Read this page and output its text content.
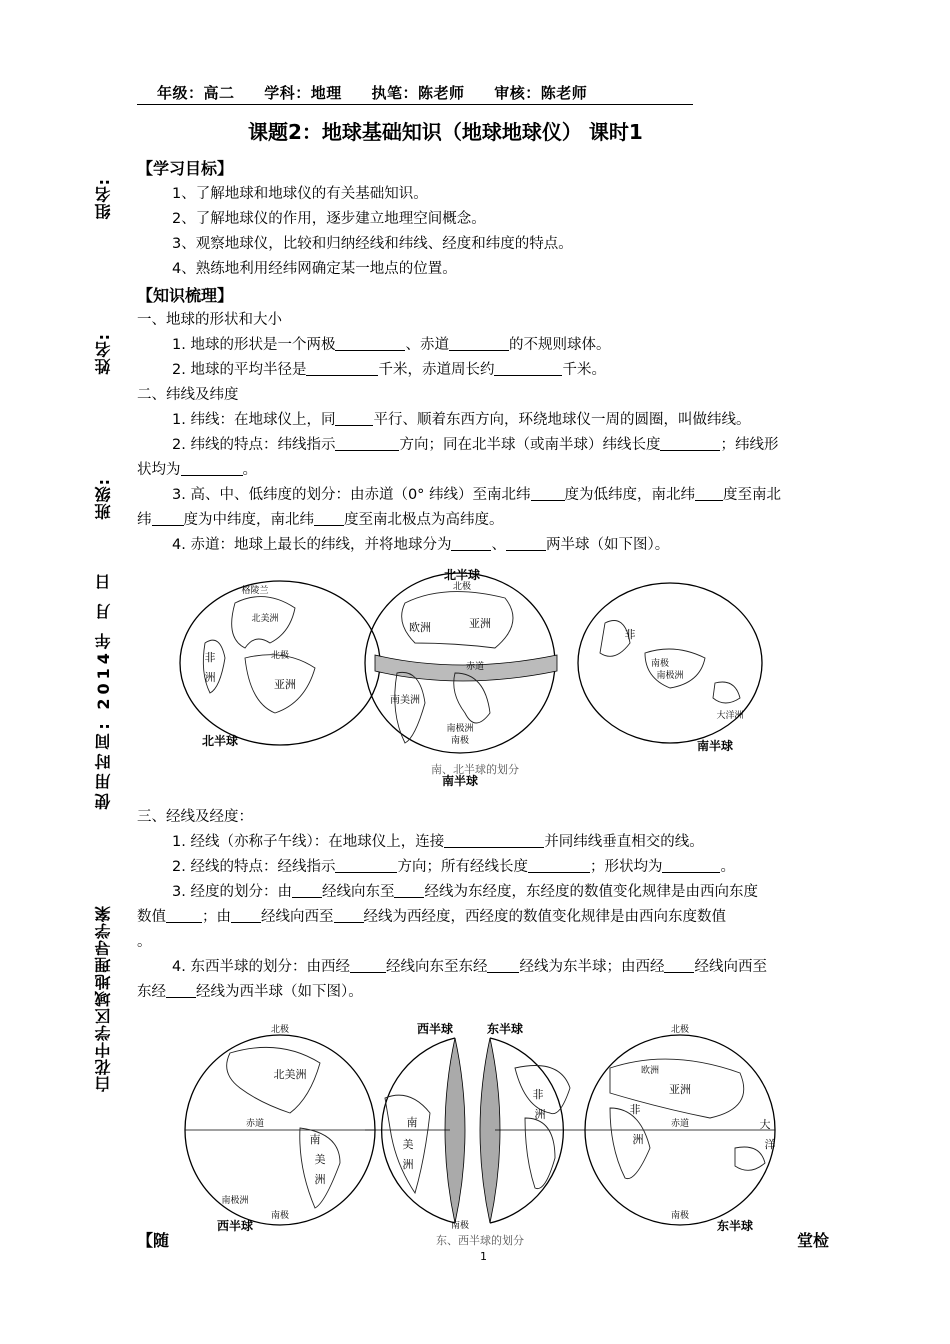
年级：高二 学科：地理 执笔：陈老师 审核：陈老师
课题2：地球基础知识（地球地球仪） 课时1
组名:
姓名:
班级:
使用时间: 2014年 月 日
白花中学区域地理导学案
【学习目标】
1、了解地球和地球仪的有关基础知识。
2、了解地球仪的作用，逐步建立地理空间概念。
3、观察地球仪，比较和归纳经线和纬线、经度和纬度的特点。
4、熟练地利用经纬网确定某一地点的位置。
【知识梳理】
一、地球的形状和大小
1. 地球的形状是一个两极	、赤道	的不规则球体。
2. 地球的平均半径是	千米，赤道周长约	千米。
二、纬线及纬度
1. 纬线：在地球仪上，同	平行、顺着东西方向，环绕地球仪一周的圆圈，叫做纬线。
2. 纬线的特点：纬线指示	方向；同在北半球（或南半球）纬线长度	；纬线形
状均为	。
3. 高、中、低纬度的划分：由赤道（0° 纬线）至南北纬 度为低纬度，南北纬 度至南北
纬 度为中纬度，南北纬 度至南北极点为高纬度。
4. 赤道：地球上最长的纬线，并将地球分为	、	两半球（如下图）。
北半球
北半球
南半球
南半球
北极
北美洲
北极
亚洲
非
洲
格陵兰
欧洲	亚洲
赤道
南美洲
南极洲
南极
南极
南极洲
非
大洋洲
南、北半球的划分
三、经线及经度：
1. 经线（亦称子午线）：在地球仪上，连接	并同纬线垂直相交的线。
2. 经线的特点：经线指示	方向；所有经线长度	；形状均为	。
3. 经度的划分：由 经线向东至 经线为东经度，东经度的数值变化规律是由西向东度
数值 ；由 经线向西至 经线为西经度，西经度的数值变化规律是由西向东度数值
。
4. 东西半球的划分：由西经 经线向东至东经 经线为东半球；由西经 经线向西至
东经 经线为西半球（如下图）。
西半球	东半球
西半球	东半球
北极	北极
北美洲
赤道	赤道
南
美
洲
南极洲
南极
南
美
洲
南极
非
洲	非
洲
亚洲
欧洲
大
洋
南极
东、西半球的划分
【随	堂检
1
